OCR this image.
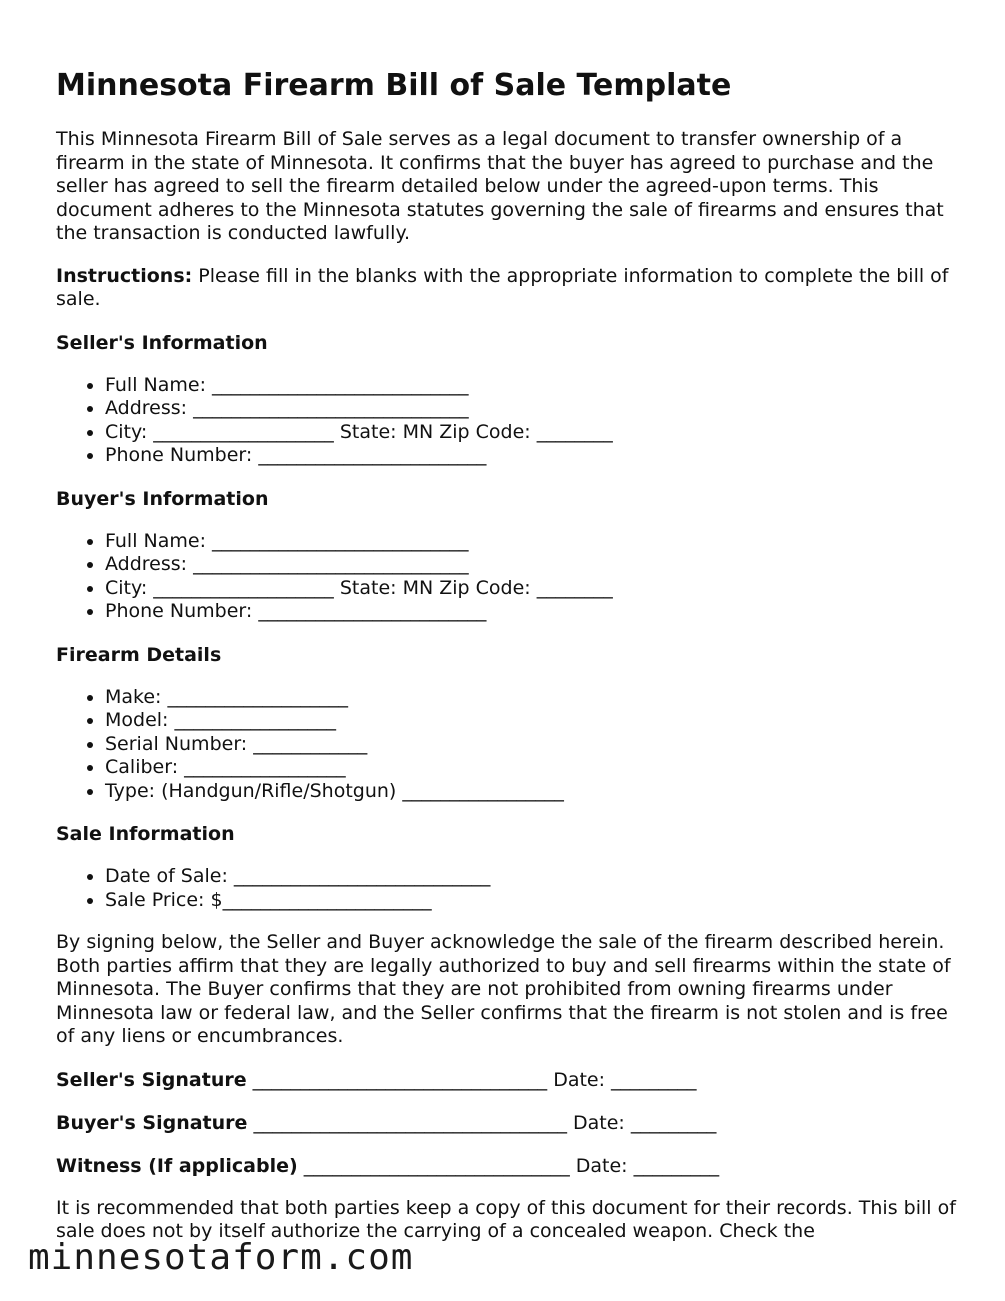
Minnesota Firearm Bill of Sale Template

This Minnesota Firearm Bill of Sale serves as a legal document to transfer ownership of a firearm in the state of Minnesota. It confirms that the buyer has agreed to purchase and the seller has agreed to sell the firearm detailed below under the agreed-upon terms. This document adheres to the Minnesota statutes governing the sale of firearms and ensures that the transaction is conducted lawfully.

Instructions: Please fill in the blanks with the appropriate information to complete the bill of sale.

Seller's Information
• Full Name: ___________________________
• Address: _____________________________
• City: ___________________ State: MN Zip Code: ________
• Phone Number: ________________________
Buyer's Information
• Full Name: ___________________________
• Address: _____________________________
• City: ___________________ State: MN Zip Code: ________
• Phone Number: ________________________
Firearm Details
• Make: ___________________
• Model: _________________
• Serial Number: ____________
• Caliber: _________________
• Type: (Handgun/Rifle/Shotgun) _________________
Sale Information
• Date of Sale: ___________________________
• Sale Price: $______________________

By signing below, the Seller and Buyer acknowledge the sale of the firearm described herein. Both parties affirm that they are legally authorized to buy and sell firearms within the state of Minnesota. The Buyer confirms that they are not prohibited from owning firearms under Minnesota law or federal law, and the Seller confirms that the firearm is not stolen and is free of any liens or encumbrances.

Seller's Signature _______________________________ Date: _________
Buyer's Signature _________________________________ Date: _________
Witness (If applicable) ____________________________ Date: _________

It is recommended that both parties keep a copy of this document for their records. This bill of sale does not by itself authorize the carrying of a concealed weapon. Check the

minnesotaform.com
